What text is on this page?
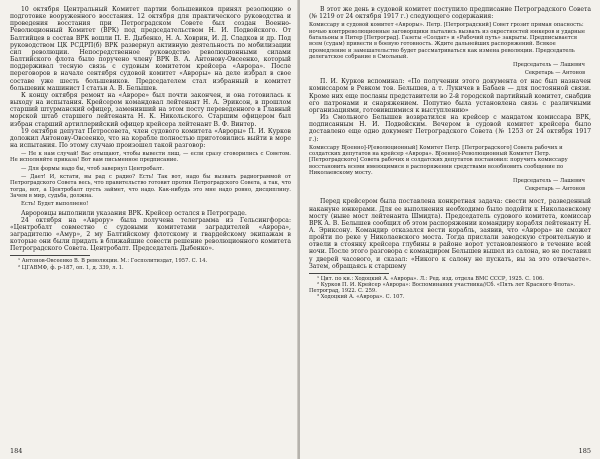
10 октября Центральный Комитет партии большевиков принял резолюцию о подготовке вооруженного восстания. 12 октября для практического руководства и проведения восстания при Петроградском Совете был создан Военно-Революционный Комитет (ВРК) под председательством Н. И. Подвойского. От Балтийцев в состав ВРК вошли П. Е. Дыбенко, Н. А. Ховрин, И. Д. Сладков и др. Под руководством ЦК РСДРП(б) ВРК развернул активную деятельность по мобилизации сил революции. Непосредственное руководство революционными силами Балтийского флота было поручено члену ВРК В. А. Антонову-Овсеенко, который поддерживал тесную связь с судовым комитетом крейсера «Аврора». После переговоров в начале сентября судовой комитет «Авроры» на деле избрал в свое составе уже шесть большевиков. Председателем стал избранный в комитет большевик машинист I статьи А. В. Белышев.

К концу октября ремонт на «Авроре» был почти закончен, и она готовилась к выходу на испытания. Крейсером командовал лейтенант Н. А. Эриксон, в прошлом старший штурманский офицер, заменивший на этом посту переведенного в Главный морской штаб старшего лейтенанта Н. К. Никольского. Старшим офицером был избран старший артиллерийский офицер крейсера лейтенант В. Ф. Винтер.

19 октября депутат Петросовета, член судового комитета «Авроры» П. И. Курков доложил Антонову-Овсеенко, что на корабле полностью приготовились выйти в море на испытания. По этому случаю произошел такой разговор:

— Не к нам случай! Вас отыщают, чтобы вывести лиш, — если сразу сговорились с Советом. Не исполняйте приказа! Вот вам письменное предписание.

— Для формы надо бы, чтоб завернул Центробалт.

— Дает! И, кстати, вы рад с радио? Есть! Так вот, надо бы вызвать радиограммой от Петроградского Совета весь, что правительство готовит против Петроградского Совета, а так, что тогда, вот, а Центробалт пусть займет, что надо. Как-нибудь это мне надо ровно, дисциплину. Зачем в мир, судьба, должна.

Есть! Будет выполнено!

Авроровцы выполнили указания ВРК. Крейсер остался в Петрограде.

24 октября на «Аврору» была получена телеграмма из Гельсингфорса: «Центробалт совместно с судовыми комитетами заградителей «Аврора», заградителю «Амур», 2 му Балтийскому флотскому и гвардейскому экипажам в которые они были придать в ближайшие совести решение революционного комитета Петроградского Совета. Центробалт. Председатель Дыбенко».

¹ Антонов-Овсеенко В. В революции. М.: Госполитиздат, 1957. С. 14.

² ЦГАВМФ, ф. р-187, оп. 1, д. 339, л. 1.

184

В этот же день в судовой комитет поступило предписание Петроградского Совета (№ 1219 от 24 октября 1917 г.) следующего содержания:

Комиссару и судовой комитет «Авроры». Петр. [Петроградский] Совет грозит прямая опасность: ночью контрреволюционные заговорщики пытались вызвать из окрестностей юнкеров и ударные батальоны в Питер [Петроград]. Газеты «Солдат» и «Рабочий путь» закрыты. Предписывается всем (судам) привести в боевую готовность. Ждите дальнейших распоряжений. Всякое промедление и замешательство будет рассматриваться как измена революции. Председатель делегатское собрание в Смольный.

Председатель — Лашевич

Секретарь — Антонов

П. И. Курков вспоминал: «По получении этого документа от нас был назначен комиссаром в Ревком тов. Белышев, а т. Лукичев в Бабаев — для постоянной связи. Кроме них еще посланы представители во 2-й городской партийный комитет, снабдив его патронами и снаряжением. Попутно была установлена связь с различными организациями, готовившимися к выступлению»

Из Смольного Белышев возвратился на крейсер с мандатом комиссара ВРК, подписанным Н. И. Подвойским. Вечером в судовой комитет крейсера было доставлено еще одно документ Петроградского Совета (№ 1253 от 24 октября 1917 г.):

Комиссару В[оенно]-Р[еволюционный] Комитет Петр. [Петроградского] Совета рабочих и солдатских депутатов на крейсер «Аврора». В[оенно]-Революционный Комитет Петр. [Петроградского] Совета рабочих и солдатских депутатов постановил: поручить комиссару восстановить всеми имеющимися в распоряжении средствами возобновить сообщение по Николаевскому мосту.

Председатель — Лашевич

Секретарь — Антонов

Перед крейсером была поставлена конкретная задача: свести мост, разведенный накануне юнкерами. Для ее выполнения необходимо было подойти к Николаевскому мосту (ныне мост лейтенанта Шмидта). Председатель судового комитета, комиссар ВРК А. В. Белышев сообщил об этом распоряжении командиру корабля лейтенанту Н. А. Эриксону. Командир отказался вести корабль, заявив, что «Аврора» не сможет пройти по реке у Николаевского моста. Тогда прислали заводскую строительную и отвели в стоянку крейсера глубины в районе ворот установленного в течение всей ночи. После этого разговора с командиром Белышев вышел из салона, но не поставил у дверей часового, и сказал: «Никого к салону не пускать, вы за это отвечаете». Затем, обращаясь к старшему

¹ Цит. по кн.: Ходоцкий А. «Аврора». Л.: Ред. изд. отдела ВМС СССР, 1925. С. 106.

² Курков П. И. Крейсер «Аврора»: Воспоминания участника//Сб. «Пять лет Красного Флота». Петроград, 1922. С. 259.

³ Ходоцкий А. «Аврора». С. 107.

185
